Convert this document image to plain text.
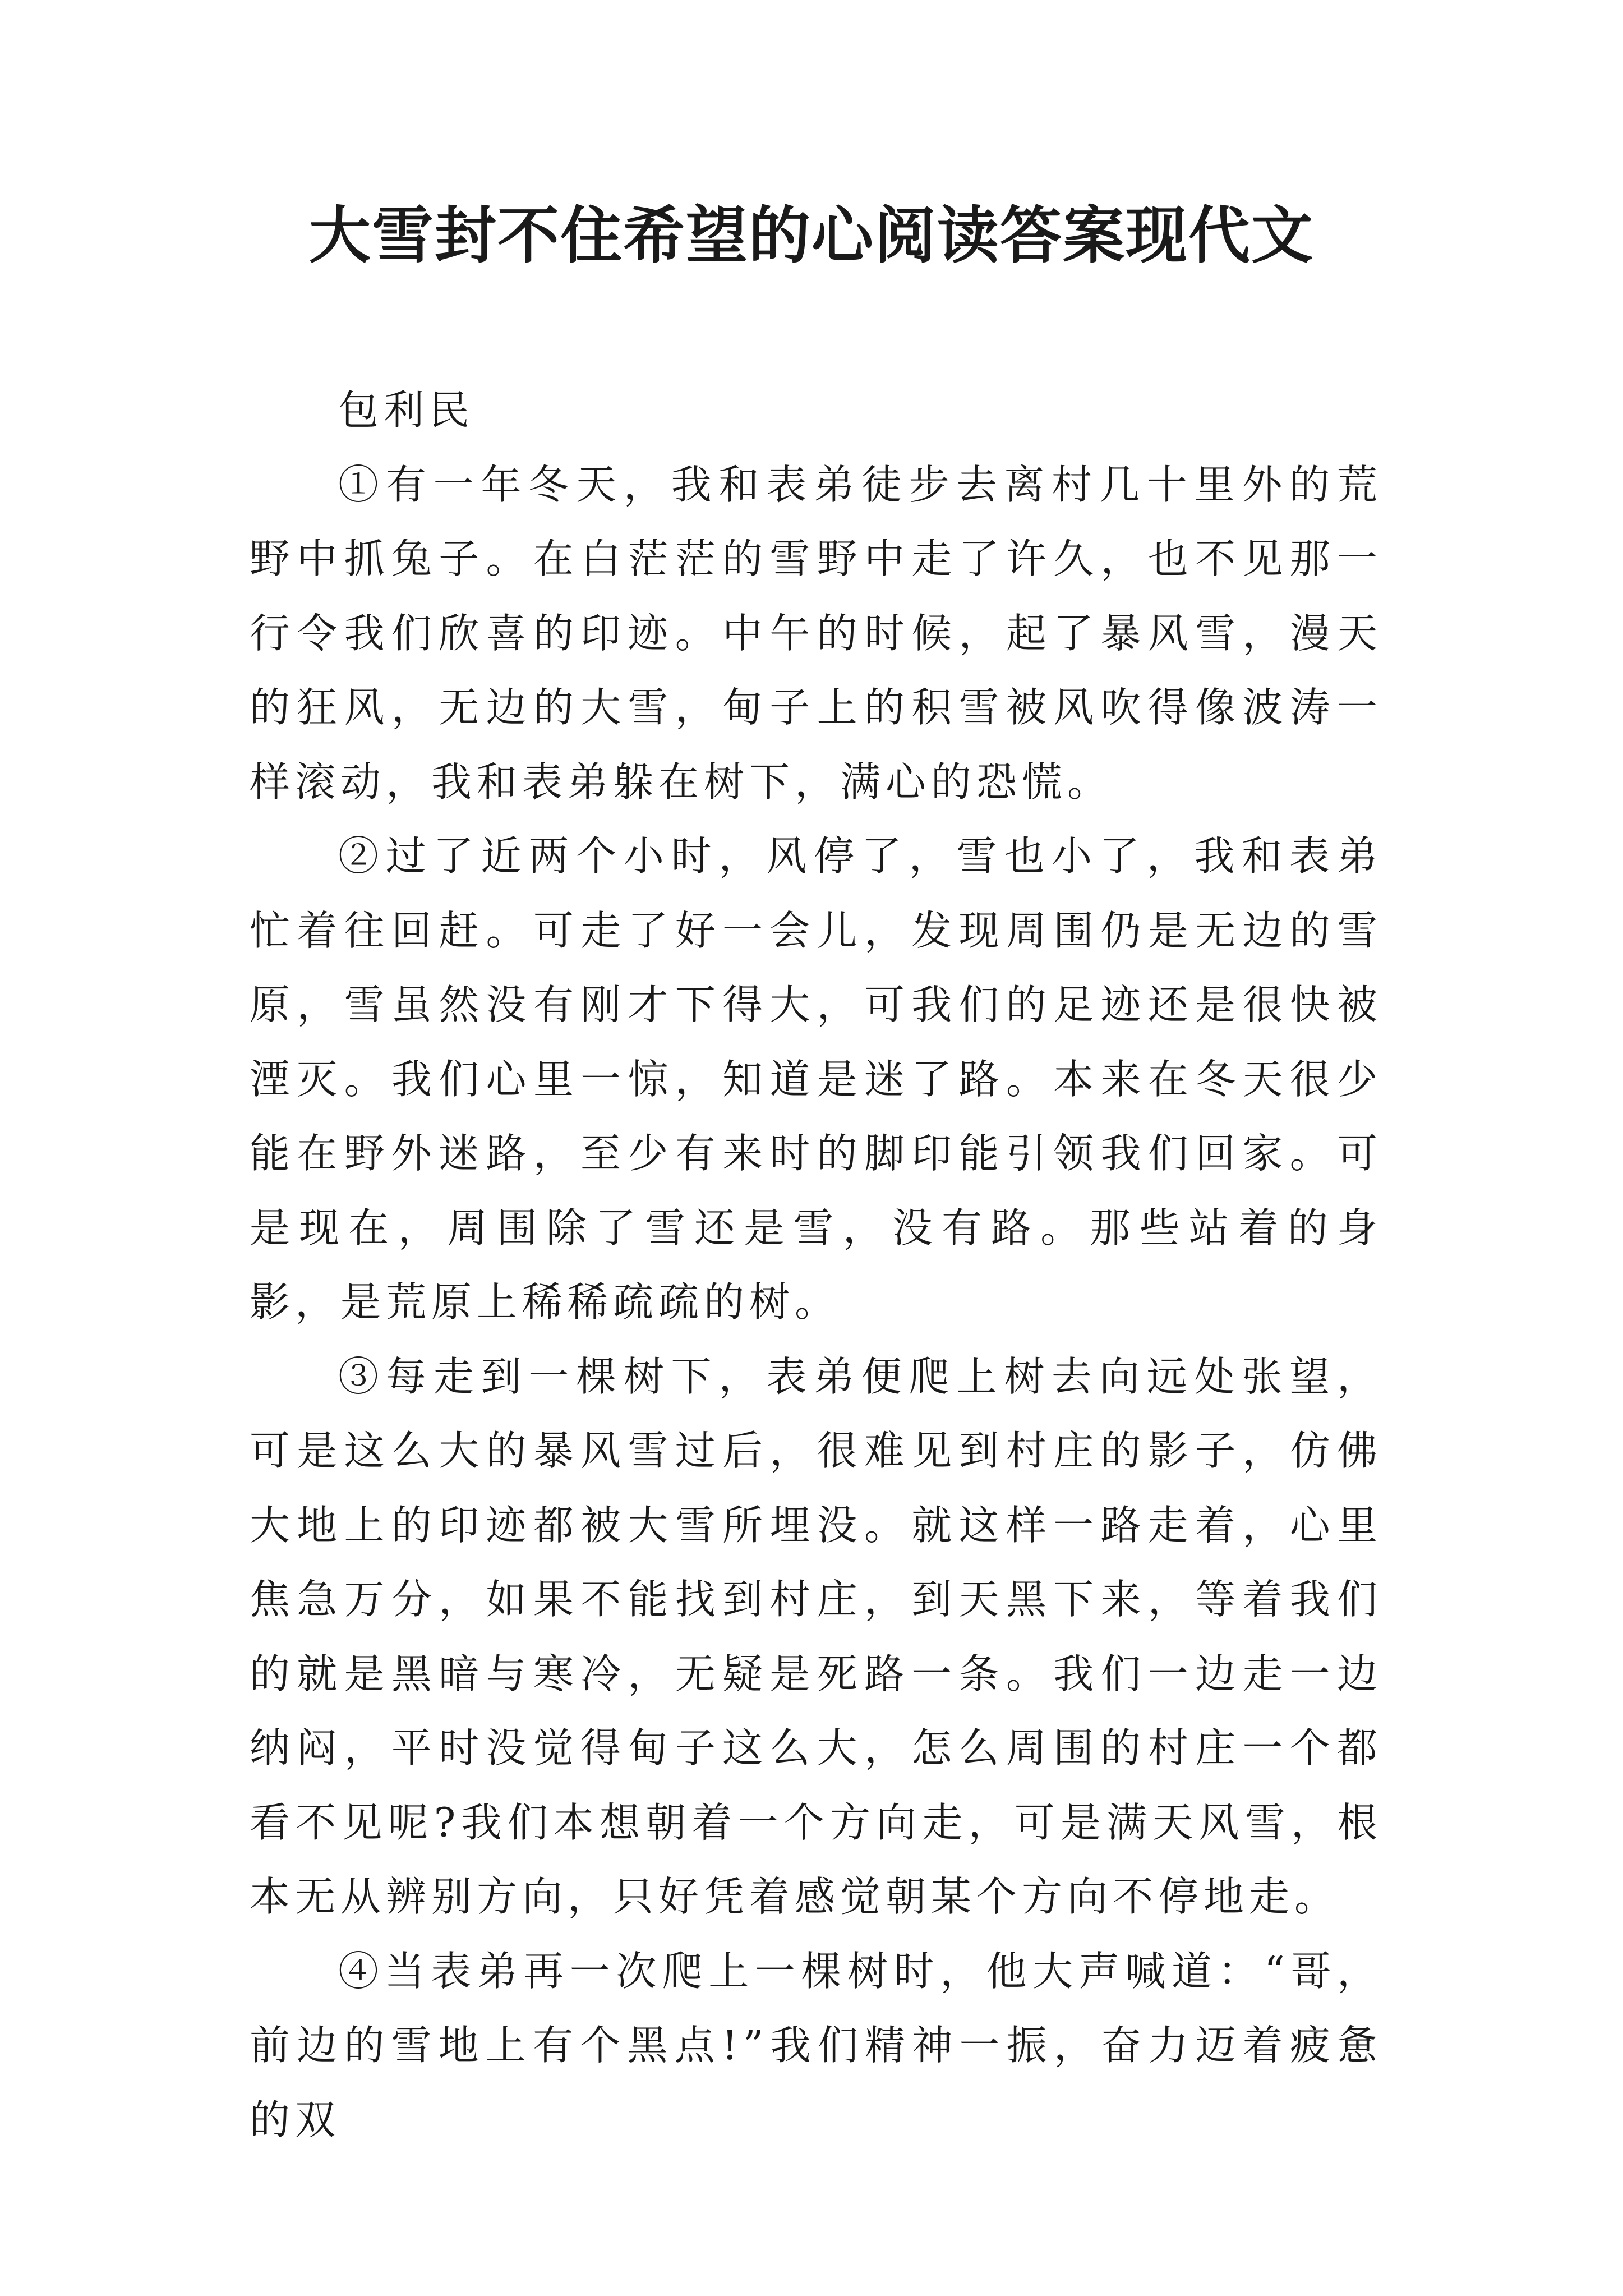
大雪封不住希望的心阅读答案现代文

包利民

①有一年冬天，我和表弟徒步去离村几十里外的荒野中抓兔子。在白茫茫的雪野中走了许久，也不见那一行令我们欣喜的印迹。中午的时候，起了暴风雪，漫天的狂风，无边的大雪，甸子上的积雪被风吹得像波涛一样滚动，我和表弟躲在树下，满心的恐慌。

②过了近两个小时，风停了，雪也小了，我和表弟忙着往回赶。可走了好一会儿，发现周围仍是无边的雪原，雪虽然没有刚才下得大，可我们的足迹还是很快被湮灭。我们心里一惊，知道是迷了路。本来在冬天很少能在野外迷路，至少有来时的脚印能引领我们回家。可是现在，周围除了雪还是雪，没有路。那些站着的身影，是荒原上稀稀疏疏的树。

③每走到一棵树下，表弟便爬上树去向远处张望，可是这么大的暴风雪过后，很难见到村庄的影子，仿佛大地上的印迹都被大雪所埋没。就这样一路走着，心里焦急万分，如果不能找到村庄，到天黑下来，等着我们的就是黑暗与寒冷，无疑是死路一条。我们一边走一边纳闷，平时没觉得甸子这么大，怎么周围的村庄一个都看不见呢?我们本想朝着一个方向走，可是满天风雪，根本无从辨别方向，只好凭着感觉朝某个方向不停地走。

④当表弟再一次爬上一棵树时，他大声喊道：“哥，前边的雪地上有个黑点!”我们精神一振，奋力迈着疲惫的双
